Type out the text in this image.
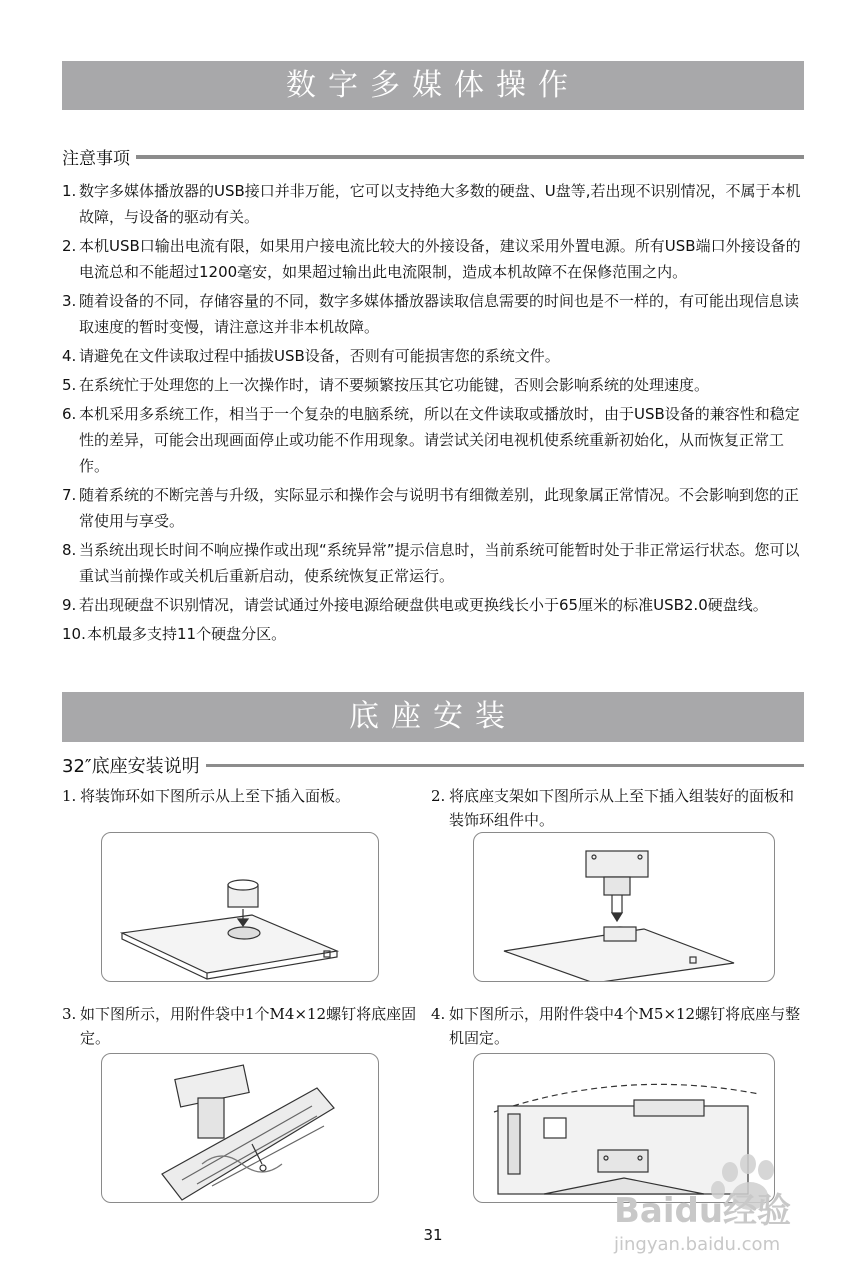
数字多媒体操作
注意事项
1. 数字多媒体播放器的USB接口并非万能，它可以支持绝大多数的硬盘、U盘等,若出现不识别情况，不属于本机故障，与设备的驱动有关。
2. 本机USB口输出电流有限，如果用户接电流比较大的外接设备，建议采用外置电源。所有USB端口外接设备的电流总和不能超过1200毫安，如果超过输出此电流限制，造成本机故障不在保修范围之内。
3. 随着设备的不同，存储容量的不同，数字多媒体播放器读取信息需要的时间也是不一样的，有可能出现信息读取速度的暂时变慢，请注意这并非本机故障。
4. 请避免在文件读取过程中插拔USB设备，否则有可能损害您的系统文件。
5. 在系统忙于处理您的上一次操作时，请不要频繁按压其它功能键，否则会影响系统的处理速度。
6. 本机采用多系统工作，相当于一个复杂的电脑系统，所以在文件读取或播放时，由于USB设备的兼容性和稳定性的差异，可能会出现画面停止或功能不作用现象。请尝试关闭电视机使系统重新初始化，从而恢复正常工作。
7. 随着系统的不断完善与升级，实际显示和操作会与说明书有细微差别，此现象属正常情况。不会影响到您的正常使用与享受。
8. 当系统出现长时间不响应操作或出现“系统异常”提示信息时，当前系统可能暂时处于非正常运行状态。您可以重试当前操作或关机后重新启动，使系统恢复正常运行。
9. 若出现硬盘不识别情况，请尝试通过外接电源给硬盘供电或更换线长小于65厘米的标准USB2.0硬盘线。
10. 本机最多支持11个硬盘分区。
底座安装
32″底座安装说明
1. 将装饰环如下图所示从上至下插入面板。	2. 将底座支架如下图所示从上至下插入组装好的面板和装饰环组件中。
3. 如下图所示，用附件袋中1个M4×12螺钉将底座固定。
4. 如下图所示，用附件袋中4个M5×12螺钉将底座与整机固定。
31
Baidu经验
jingyan.baidu.com
